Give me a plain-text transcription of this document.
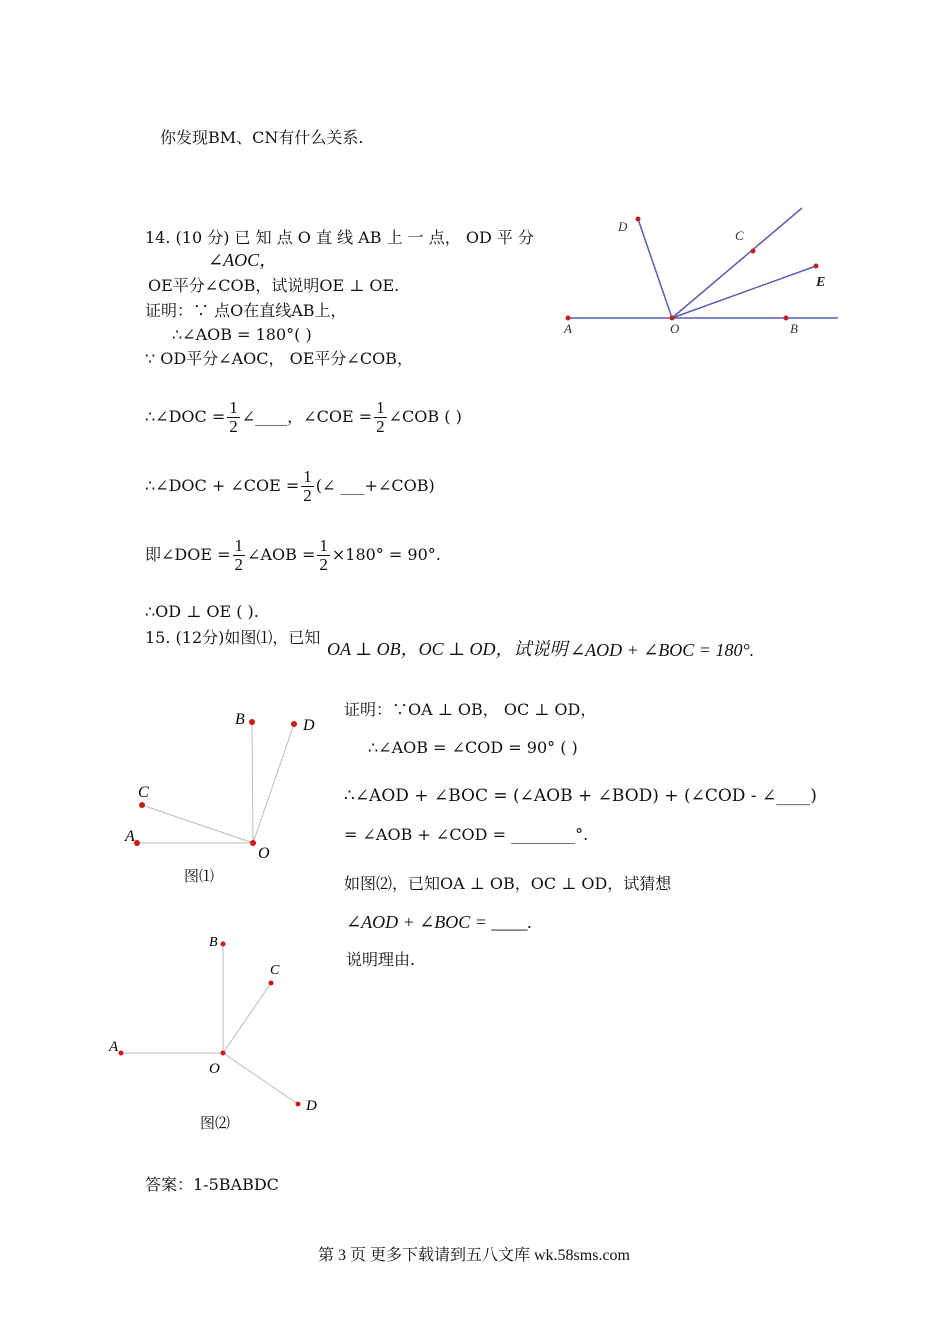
你发现BM、CN有什么关系.
14. (10 分) 已 知 点 O 直 线 AB 上 一 点， OD 平 分
∠AOC，
OE平分∠COB，试说明OE ⊥ OE.
证明：∵ 点O在直线AB上，
∴∠AOB = 180°( )
∵ OD平分∠AOC， OE平分∠COB，
∴∠DOC = $\frac{1}{2}$ ∠____，∠COE = $\frac{1}{2}$ ∠COB ( )
∴∠DOC + ∠COE = $\frac{1}{2}$ (∠ ___+∠COB)
即∠DOE = $\frac{1}{2}$ ∠AOB = $\frac{1}{2} \times 180^\circ = 90^\circ$.
∴OD ⊥ OE ( ).
D
C
E
A	O	B
15. (12分)如图⑴，已知
OA ⊥ OB，OC ⊥ OD，试说明 ∠AOD + ∠BOC = 180°.
证明：∵OA ⊥ OB， OC ⊥ OD，
∴∠AOB = ∠COD = 90° ( )
∴∠AOD + ∠BOC = (∠AOB + ∠BOD) + (∠COD - ∠____)
= ∠AOB + ∠COD = ________°.
如图⑵，已知OA ⊥ OB，OC ⊥ OD，试猜想
∠AOD + ∠BOC = ____.
说明理由.
B	D
C
A
O
图⑴
B
C
A
O
D
图⑵
答案：1-5BABDC
第 3 页 更多下载请到五八文库 wk.58sms.com
